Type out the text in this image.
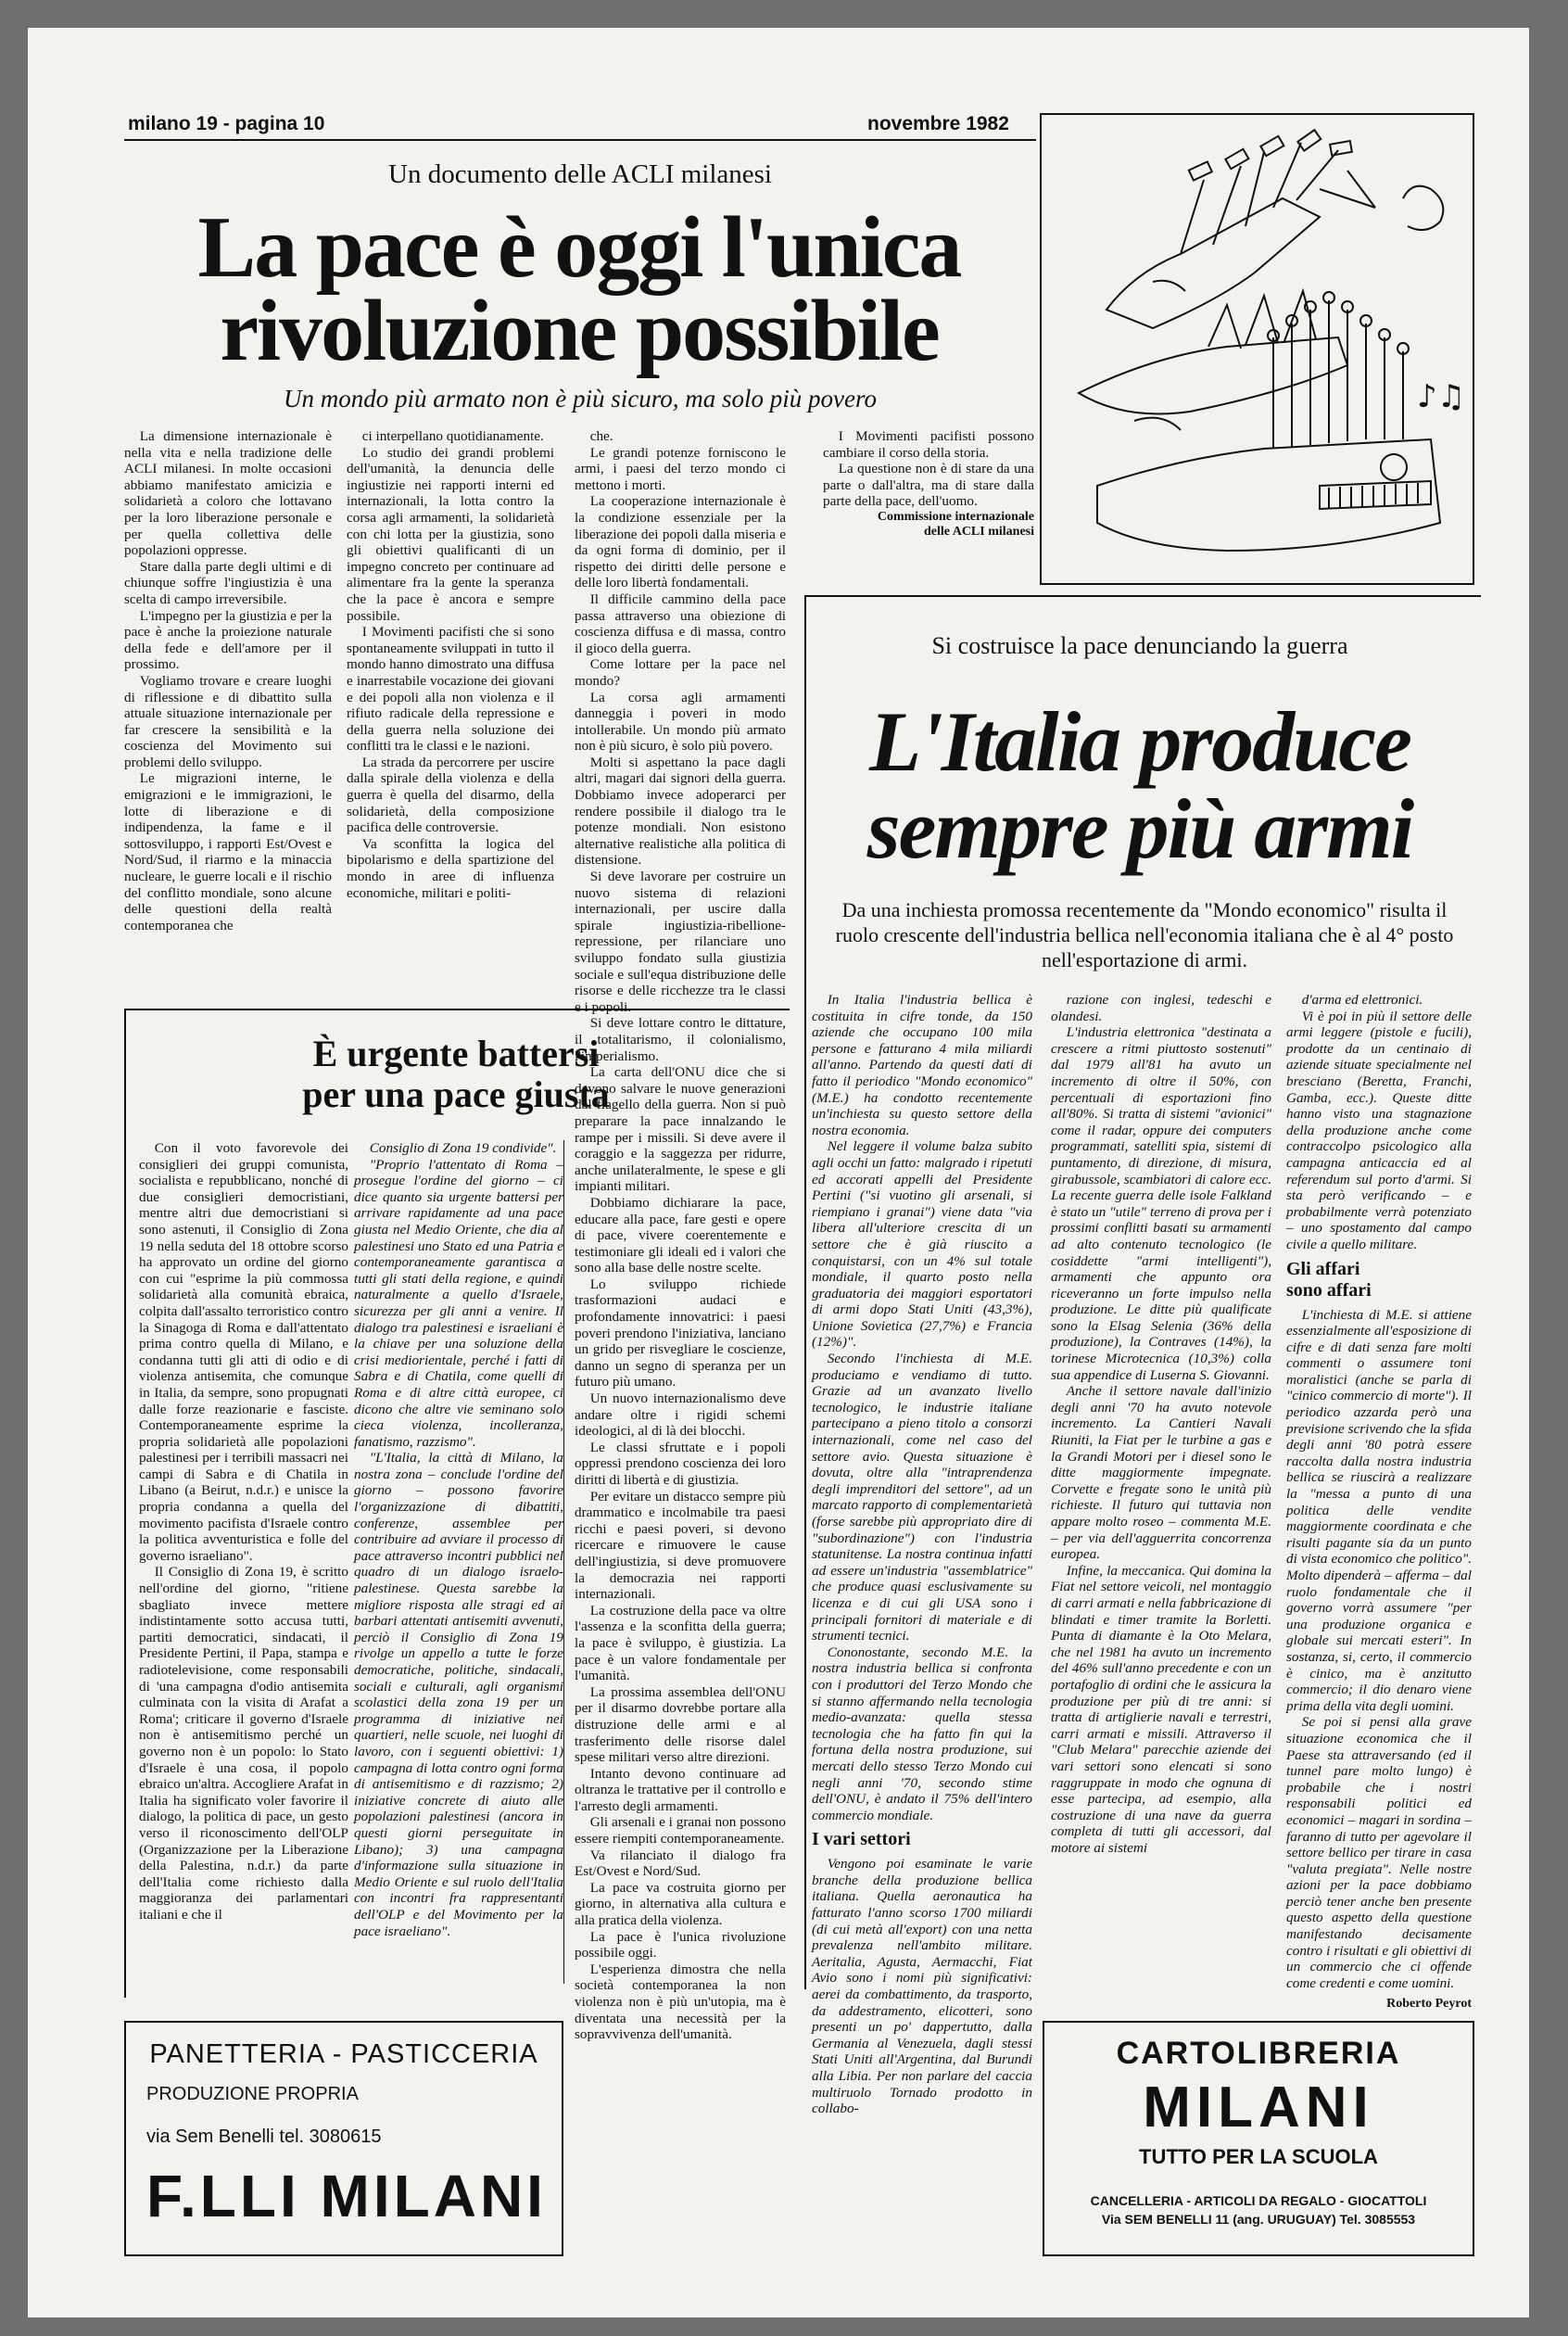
milano 19 - pagina 10	novembre 1982
♪♫
Un documento delle ACLI milanesi
La pace è oggi l'unica
rivoluzione possibile
Un mondo più armato non è più sicuro, ma solo più povero

La dimensione internazionale è nella vita e nella tradizione delle ACLI milanesi. In molte occasioni abbiamo manifestato amicizia e solidarietà a coloro che lottavano per la loro liberazione personale e per quella collettiva delle popolazioni oppresse.

Stare dalla parte degli ultimi e di chiunque soffre l'ingiustizia è una scelta di campo irreversibile.

L'impegno per la giustizia e per la pace è anche la proiezione naturale della fede e dell'amore per il prossimo.

Vogliamo trovare e creare luoghi di riflessione e di dibattito sulla attuale situazione internazionale per far crescere la sensibilità e la coscienza del Movimento sui problemi dello sviluppo.

Le migrazioni interne, le emigrazioni e le immigrazioni, le lotte di liberazione e di indipendenza, la fame e il sottosviluppo, i rapporti Est/Ovest e Nord/Sud, il riarmo e la minaccia nucleare, le guerre locali e il rischio del conflitto mondiale, sono alcune delle questioni della realtà contemporanea che

ci interpellano quotidianamente.

Lo studio dei grandi problemi dell'umanità, la denuncia delle ingiustizie nei rapporti interni ed internazionali, la lotta contro la corsa agli armamenti, la solidarietà con chi lotta per la giustizia, sono gli obiettivi qualificanti di un impegno concreto per continuare ad alimentare fra la gente la speranza che la pace è ancora e sempre possibile.

I Movimenti pacifisti che si sono spontaneamente sviluppati in tutto il mondo hanno dimostrato una diffusa e inarrestabile vocazione dei giovani e dei popoli alla non violenza e il rifiuto radicale della repressione e della guerra nella soluzione dei conflitti tra le classi e le nazioni.

La strada da percorrere per uscire dalla spirale della violenza e della guerra è quella del disarmo, della solidarietà, della composizione pacifica delle controversie.

Va sconfitta la logica del bipolarismo e della spartizione del mondo in aree di influenza economiche, militari e politi-

che.

Le grandi potenze forniscono le armi, i paesi del terzo mondo ci mettono i morti.

La cooperazione internazionale è la condizione essenziale per la liberazione dei popoli dalla miseria e da ogni forma di dominio, per il rispetto dei diritti delle persone e delle loro libertà fondamentali.

Il difficile cammino della pace passa attraverso una obiezione di coscienza diffusa e di massa, contro il gioco della guerra.

Come lottare per la pace nel mondo?

La corsa agli armamenti danneggia i poveri in modo intollerabile. Un mondo più armato non è più sicuro, è solo più povero.

Molti si aspettano la pace dagli altri, magari dai signori della guerra. Dobbiamo invece adoperarci per rendere possibile il dialogo tra le potenze mondiali. Non esistono alternative realistiche alla politica di distensione.

Si deve lavorare per costruire un nuovo sistema di relazioni internazionali, per uscire dalla spirale ingiustizia-ribellione-repressione, per rilanciare uno sviluppo fondato sulla giustizia sociale e sull'equa distribuzione delle risorse e delle ricchezze tra le classi e i popoli.

Si deve lottare contro le dittature, il totalitarismo, il colonialismo, l'imperialismo.

La carta dell'ONU dice che si devono salvare le nuove generazioni dal flagello della guerra. Non si può preparare la pace innalzando le rampe per i missili. Si deve avere il coraggio e la saggezza per ridurre, anche unilateralmente, le spese e gli impianti militari.

Dobbiamo dichiarare la pace, educare alla pace, fare gesti e opere di pace, vivere coerentemente e testimoniare gli ideali ed i valori che sono alla base delle nostre scelte.

Lo sviluppo richiede trasformazioni audaci e profondamente innovatrici: i paesi poveri prendono l'iniziativa, lanciano un grido per risvegliare le coscienze, danno un segno di speranza per un futuro più umano.

Un nuovo internazionalismo deve andare oltre i rigidi schemi ideologici, al di là dei blocchi.

Le classi sfruttate e i popoli oppressi prendono coscienza dei loro diritti di libertà e di giustizia.

Per evitare un distacco sempre più drammatico e incolmabile tra paesi ricchi e paesi poveri, si devono ricercare e rimuovere le cause dell'ingiustizia, si deve promuovere la democrazia nei rapporti internazionali.

La costruzione della pace va oltre l'assenza e la sconfitta della guerra; la pace è sviluppo, è giustizia. La pace è un valore fondamentale per l'umanità.

La prossima assemblea dell'ONU per il disarmo dovrebbe portare alla distruzione delle armi e al trasferimento delle risorse dalel spese militari verso altre direzioni.

Intanto devono continuare ad oltranza le trattative per il controllo e l'arresto degli armamenti.

Gli arsenali e i granai non possono essere riempiti contemporaneamente.

Va rilanciato il dialogo fra Est/Ovest e Nord/Sud.

La pace va costruita giorno per giorno, in alternativa alla cultura e alla pratica della violenza.

La pace è l'unica rivoluzione possibile oggi.

L'esperienza dimostra che nella società contemporanea la non violenza non è più un'utopia, ma è diventata una necessità per la sopravvivenza dell'umanità.

I Movimenti pacifisti possono cambiare il corso della storia.

La questione non è di stare da una parte o dall'altra, ma di stare dalla parte della pace, dell'uomo.

Commissione internazionale
delle ACLI milanesi
È urgente battersi
per una pace giusta

Con il voto favorevole dei consiglieri dei gruppi comunista, socialista e repubblicano, nonché di due consiglieri democristiani, mentre altri due democristiani si sono astenuti, il Consiglio di Zona 19 nella seduta del 18 ottobre scorso ha approvato un ordine del giorno con cui "esprime la più commossa solidarietà alla comunità ebraica, colpita dall'assalto terroristico contro la Sinagoga di Roma e dall'attentato prima contro quella di Milano, e condanna tutti gli atti di odio e di violenza antisemita, che comunque in Italia, da sempre, sono propugnati dalle forze reazionarie e fasciste. Contemporaneamente esprime la propria solidarietà alle popolazioni palestinesi per i terribili massacri nei campi di Sabra e di Chatila in Libano (a Beirut, n.d.r.) e unisce la propria condanna a quella del movimento pacifista d'Israele contro la politica avventuristica e folle del governo israeliano".

Il Consiglio di Zona 19, è scritto nell'ordine del giorno, "ritiene sbagliato invece mettere indistintamente sotto accusa tutti, partiti democratici, sindacati, il Presidente Pertini, il Papa, stampa e radiotelevisione, come responsabili di 'una campagna d'odio antisemita culminata con la visita di Arafat a Roma'; criticare il governo d'Israele non è antisemitismo perché un governo non è un popolo: lo Stato d'Israele è una cosa, il popolo ebraico un'altra. Accogliere Arafat in Italia ha significato voler favorire il dialogo, la politica di pace, un gesto verso il riconoscimento dell'OLP (Organizzazione per la Liberazione della Palestina, n.d.r.) da parte dell'Italia come richiesto dalla maggioranza dei parlamentari italiani e che il

Consiglio di Zona 19 condivide".

"Proprio l'attentato di Roma – prosegue l'ordine del giorno – ci dice quanto sia urgente battersi per arrivare rapidamente ad una pace giusta nel Medio Oriente, che dia al palestinesi uno Stato ed una Patria e contemporaneamente garantisca a tutti gli stati della regione, e quindi naturalmente a quello d'Israele, sicurezza per gli anni a venire. Il dialogo tra palestinesi e israeliani è la chiave per una soluzione della crisi mediorientale, perché i fatti di Sabra e di Chatila, come quelli di Roma e di altre città europee, ci dicono che altre vie seminano solo cieca violenza, incolleranza, fanatismo, razzismo".

"L'Italia, la città di Milano, la nostra zona – conclude l'ordine del giorno – possono favorire l'organizzazione di dibattiti, conferenze, assemblee per contribuire ad avviare il processo di pace attraverso incontri pubblici nel quadro di un dialogo israelo-palestinese. Questa sarebbe la migliore risposta alle stragi ed ai barbari attentati antisemiti avvenuti, perciò il Consiglio di Zona 19 rivolge un appello a tutte le forze democratiche, politiche, sindacali, sociali e culturali, agli organismi scolastici della zona 19 per un programma di iniziative nei quartieri, nelle scuole, nei luoghi di lavoro, con i seguenti obiettivi: 1) campagna di lotta contro ogni forma di antisemitismo e di razzismo; 2) iniziative concrete di aiuto alle popolazioni palestinesi (ancora in questi giorni perseguitate in Libano); 3) una campagna d'informazione sulla situazione in Medio Oriente e sul ruolo dell'Italia con incontri fra rappresentanti dell'OLP e del Movimento per la pace israeliano".

PANETTERIA - PASTICCERIA
PRODUZIONE PROPRIA
via Sem Benelli tel. 3080615
F.LLI MILANI
Si costruisce la pace denunciando la guerra
L'Italia produce
sempre più armi
Da una inchiesta promossa recentemente da "Mondo economico" risulta il ruolo crescente dell'industria bellica nell'economia italiana che è al 4° posto nell'esportazione di armi.

In Italia l'industria bellica è costituita in cifre tonde, da 150 aziende che occupano 100 mila persone e fatturano 4 mila miliardi all'anno. Partendo da questi dati di fatto il periodico "Mondo economico" (M.E.) ha condotto recentemente un'inchiesta su questo settore della nostra economia.

Nel leggere il volume balza subito agli occhi un fatto: malgrado i ripetuti ed accorati appelli del Presidente Pertini ("si vuotino gli arsenali, si riempiano i granai") viene data "via libera all'ulteriore crescita di un settore che è già riuscito a conquistarsi, con un 4% sul totale mondiale, il quarto posto nella graduatoria dei maggiori esportatori di armi dopo Stati Uniti (43,3%), Unione Sovietica (27,7%) e Francia (12%)".

Secondo l'inchiesta di M.E. produciamo e vendiamo di tutto. Grazie ad un avanzato livello tecnologico, le industrie italiane partecipano a pieno titolo a consorzi internazionali, come nel caso del settore avio. Questa situazione è dovuta, oltre alla "intraprendenza degli imprenditori del settore", ad un marcato rapporto di complementarietà (forse sarebbe più appropriato dire di "subordinazione") con l'industria statunitense. La nostra continua infatti ad essere un'industria "assemblatrice" che produce quasi esclusivamente su licenza e di cui gli USA sono i principali fornitori di materiale e di strumenti tecnici.

Cononostante, secondo M.E. la nostra industria bellica si confronta con i produttori del Terzo Mondo che si stanno affermando nella tecnologia medio-avanzata: quella stessa tecnologia che ha fatto fin qui la fortuna della nostra produzione, sui mercati dello stesso Terzo Mondo cui negli anni '70, secondo stime dell'ONU, è andato il 75% dell'intero commercio mondiale.

I vari settori

Vengono poi esaminate le varie branche della produzione bellica italiana. Quella aeronautica ha fatturato l'anno scorso 1700 miliardi (di cui metà all'export) con una netta prevalenza nell'ambito militare. Aeritalia, Agusta, Aermacchi, Fiat Avio sono i nomi più significativi: aerei da combattimento, da trasporto, da addestramento, elicotteri, sono presenti un po' dappertutto, dalla Germania al Venezuela, dagli stessi Stati Uniti all'Argentina, dal Burundi alla Libia. Per non parlare del caccia multiruolo Tornado prodotto in collabo-

razione con inglesi, tedeschi e olandesi.

L'industria elettronica "destinata a crescere a ritmi piuttosto sostenuti" dal 1979 all'81 ha avuto un incremento di oltre il 50%, con percentuali di esportazioni fino all'80%. Si tratta di sistemi "avionici" come il radar, oppure dei computers programmati, satelliti spia, sistemi di puntamento, di direzione, di misura, girabussole, scambiatori di calore ecc. La recente guerra delle isole Falkland è stato un "utile" terreno di prova per i prossimi conflitti basati su armamenti ad alto contenuto tecnologico (le cosiddette "armi intelligenti"), armamenti che appunto ora riceveranno un forte impulso nella produzione. Le ditte più qualificate sono la Elsag Selenia (36% della produzione), la Contraves (14%), la torinese Microtecnica (10,3%) colla sua appendice di Luserna S. Giovanni.

Anche il settore navale dall'inizio degli anni '70 ha avuto notevole incremento. La Cantieri Navali Riuniti, la Fiat per le turbine a gas e la Grandi Motori per i diesel sono le ditte maggiormente impegnate. Corvette e fregate sono le unità più richieste. Il futuro qui tuttavia non appare molto roseo – commenta M.E. – per via dell'agguerrita concorrenza europea.

Infine, la meccanica. Qui domina la Fiat nel settore veicoli, nel montaggio di carri armati e nella fabbricazione di blindati e timer tramite la Borletti. Punta di diamante è la Oto Melara, che nel 1981 ha avuto un incremento del 46% sull'anno precedente e con un portafoglio di ordini che le assicura la produzione per più di tre anni: si tratta di artiglierie navali e terrestri, carri armati e missili. Attraverso il "Club Melara" parecchie aziende dei vari settori sono elencati si sono raggruppate in modo che ognuna di esse partecipa, ad esempio, alla costruzione di una nave da guerra completa di tutti gli accessori, dal motore ai sistemi

d'arma ed elettronici.

Vi è poi in più il settore delle armi leggere (pistole e fucili), prodotte da un centinaio di aziende situate specialmente nel bresciano (Beretta, Franchi, Gamba, ecc.). Queste ditte hanno visto una stagnazione della produzione anche come contraccolpo psicologico alla campagna anticaccia ed al referendum sul porto d'armi. Si sta però verificando – e probabilmente verrà potenziato – uno spostamento dal campo civile a quello militare.

Gli affari
sono affari

L'inchiesta di M.E. si attiene essenzialmente all'esposizione di cifre e di dati senza fare molti commenti o assumere toni moralistici (anche se parla di "cinico commercio di morte"). Il periodico azzarda però una previsione scrivendo che la sfida degli anni '80 potrà essere raccolta dalla nostra industria bellica se riuscirà a realizzare la "messa a punto di una politica delle vendite maggiormente coordinata e che risulti pagante sia da un punto di vista economico che politico". Molto dipenderà – afferma – dal ruolo fondamentale che il governo vorrà assumere "per una produzione organica e globale sui mercati esteri". In sostanza, si, certo, il commercio è cinico, ma è anzitutto commercio; il dio denaro viene prima della vita degli uomini.

Se poi si pensi alla grave situazione economica che il Paese sta attraversando (ed il tunnel pare molto lungo) è probabile che i nostri responsabili politici ed economici – magari in sordina – faranno di tutto per agevolare il settore bellico per tirare in casa "valuta pregiata". Nelle nostre azioni per la pace dobbiamo perciò tener anche ben presente questo aspetto della questione manifestando decisamente contro i risultati e gli obiettivi di un commercio che ci offende come credenti e come uomini.

Roberto Peyrot
CARTOLIBRERIA
MILANI
TUTTO PER LA SCUOLA
CANCELLERIA - ARTICOLI DA REGALO - GIOCATTOLI
Via SEM BENELLI 11 (ang. URUGUAY) Tel. 3085553
